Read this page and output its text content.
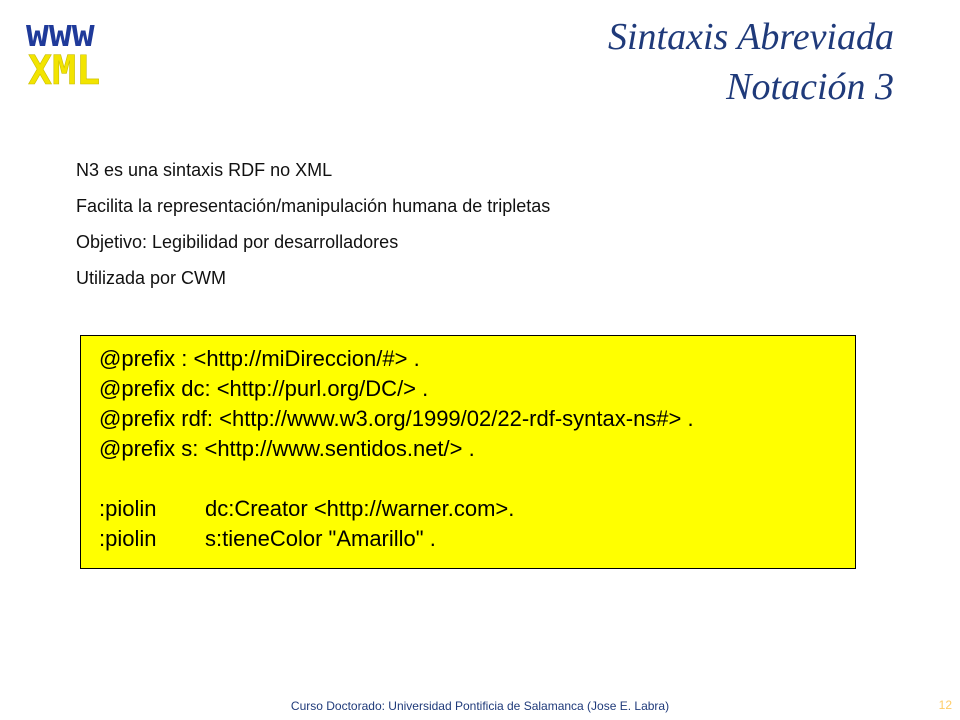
www
XML
Sintaxis Abreviada
Notación 3
N3 es una sintaxis RDF no XML
Facilita la representación/manipulación humana de tripletas
Objetivo: Legibilidad por desarrolladores
Utilizada por CWM
@prefix : <http://miDireccion/#> .
@prefix dc: <http://purl.org/DC/> .
@prefix rdf: <http://www.w3.org/1999/02/22-rdf-syntax-ns#> .
@prefix s: <http://www.sentidos.net/> .
:piolin dc:Creator <http://warner.com>.
:piolin s:tieneColor "Amarillo" .
Curso Doctorado: Universidad Pontificia de Salamanca (Jose E. Labra)	12
